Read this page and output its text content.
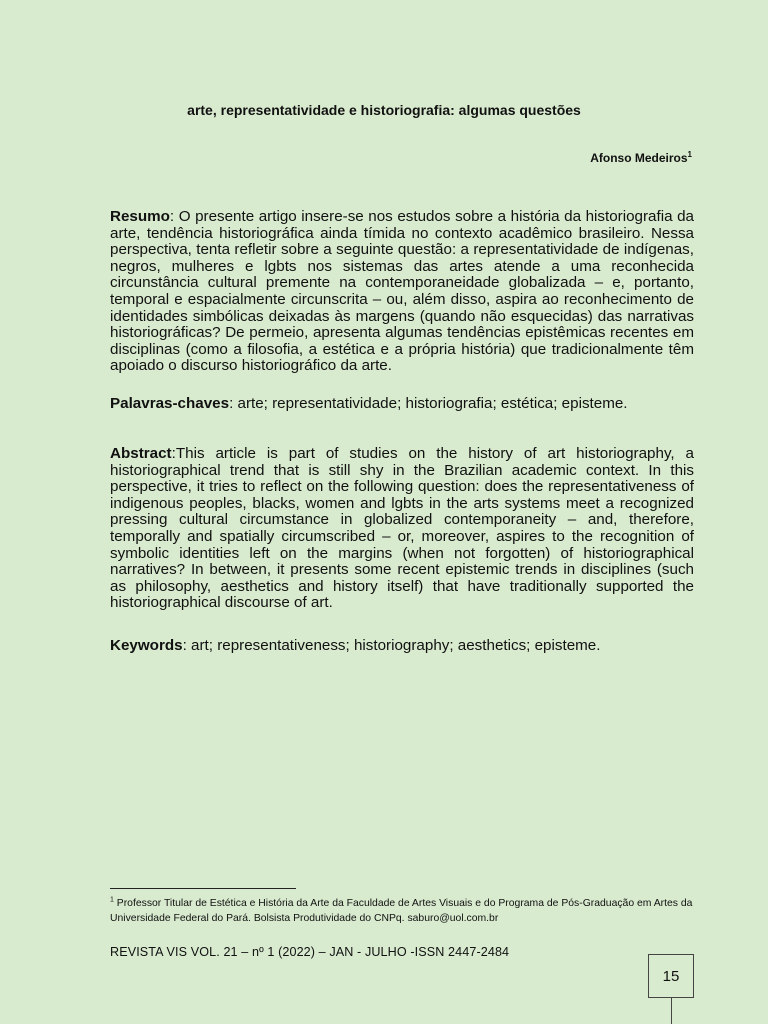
arte, representatividade e historiografia: algumas questões
Afonso Medeiros$^1$

Resumo: O presente artigo insere-se nos estudos sobre a história da historiografia da arte, tendência historiográfica ainda tímida no contexto acadêmico brasileiro. Nessa perspectiva, tenta refletir sobre a seguinte questão: a representatividade de indígenas, negros, mulheres e lgbts nos sistemas das artes atende a uma reconhecida circunstância cultural premente na contemporaneidade globalizada – e, portanto, temporal e espacialmente circunscrita – ou, além disso, aspira ao reconhecimento de identidades simbólicas deixadas às margens (quando não esquecidas) das narrativas historiográficas? De permeio, apresenta algumas tendências epistêmicas recentes em disciplinas (como a filosofia, a estética e a própria história) que tradicionalmente têm apoiado o discurso historiográfico da arte.

Palavras-chaves: arte; representatividade; historiografia; estética; episteme.

Abstract:This article is part of studies on the history of art historiography, a historiographical trend that is still shy in the Brazilian academic context. In this perspective, it tries to reflect on the following question: does the representativeness of indigenous peoples, blacks, women and lgbts in the arts systems meet a recognized pressing cultural circumstance in globalized contemporaneity – and, therefore, temporally and spatially circumscribed – or, moreover, aspires to the recognition of symbolic identities left on the margins (when not forgotten) of historiographical narratives? In between, it presents some recent epistemic trends in disciplines (such as philosophy, aesthetics and history itself) that have traditionally supported the historiographical discourse of art.

Keywords: art; representativeness; historiography; aesthetics; episteme.

$^1$ Professor Titular de Estética e História da Arte da Faculdade de Artes Visuais e do Programa de Pós-Graduação em Artes da Universidade Federal do Pará. Bolsista Produtividade do CNPq. saburo@uol.com.br

REVISTA VIS VOL. 21 – nº 1 (2022) – JAN - JULHO -ISSN 2447-2484
15
